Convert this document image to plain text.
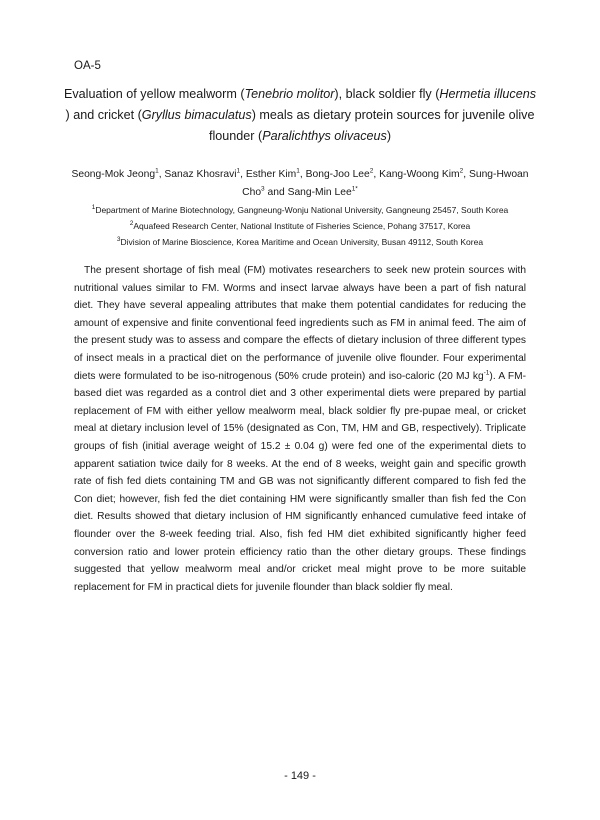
OA-5
Evaluation of yellow mealworm (Tenebrio molitor), black soldier fly (Hermetia illucens
) and cricket (Gryllus bimaculatus) meals as dietary protein sources for juvenile olive flounder (Paralichthys olivaceus)
Seong-Mok Jeong$^1$, Sanaz Khosravi$^1$, Esther Kim$^1$, Bong-Joo Lee$^2$, Kang-Woong Kim$^2$, Sung-Hwoan Cho$^3$ and Sang-Min Lee$^{1*}$
$^1$Department of Marine Biotechnology, Gangneung-Wonju National University, Gangneung 25457, South Korea
$^2$Aquafeed Research Center, National Institute of Fisheries Science, Pohang 37517, Korea
$^3$Division of Marine Bioscience, Korea Maritime and Ocean University, Busan 49112, South Korea

The present shortage of fish meal (FM) motivates researchers to seek new protein sources with nutritional values similar to FM. Worms and insect larvae always have been a part of fish natural diet. They have several appealing attributes that make them potential candidates for reducing the amount of expensive and finite conventional feed ingredients such as FM in animal feed. The aim of the present study was to assess and compare the effects of dietary inclusion of three different types of insect meals in a practical diet on the performance of juvenile olive flounder. Four experimental diets were formulated to be iso-nitrogenous (50% crude protein) and iso-caloric (20 MJ $kg^{-1}$). A FM-based diet was regarded as a control diet and 3 other experimental diets were prepared by partial replacement of FM with either yellow mealworm meal, black soldier fly pre-pupae meal, or cricket meal at dietary inclusion level of 15% (designated as Con, TM, HM and GB, respectively). Triplicate groups of fish (initial average weight of 15.2 ± 0.04 g) were fed one of the experimental diets to apparent satiation twice daily for 8 weeks. At the end of 8 weeks, weight gain and specific growth rate of fish fed diets containing TM and GB was not significantly different compared to fish fed the Con diet; however, fish fed the diet containing HM were significantly smaller than fish fed the Con diet. Results showed that dietary inclusion of HM significantly enhanced cumulative feed intake of flounder over the 8-week feeding trial. Also, fish fed HM diet exhibited significantly higher feed conversion ratio and lower protein efficiency ratio than the other dietary groups. These findings suggested that yellow mealworm meal and/or cricket meal might prove to be more suitable replacement for FM in practical diets for juvenile flounder than black soldier fly meal.

- 149 -
